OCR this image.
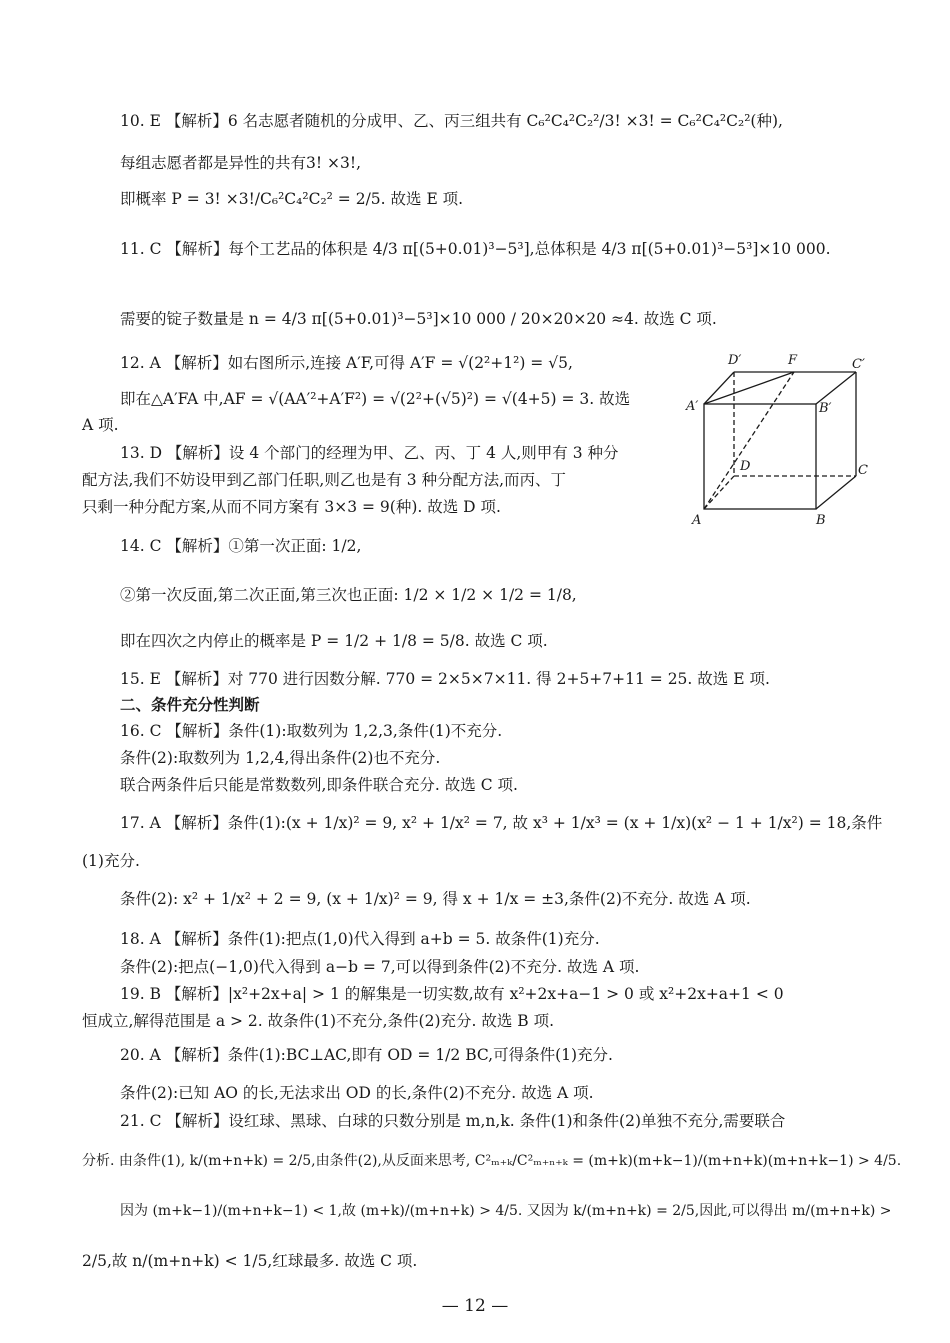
10. E 【解析】6 名志愿者随机的分成甲、乙、丙三组共有 C₆²C₄²C₂²/3! ×3! = C₆²C₄²C₂²(种),
每组志愿者都是异性的共有3! ×3!,
即概率 P = 3! ×3!/C₆²C₄²C₂² = 2/5. 故选 E 项.
11. C 【解析】每个工艺品的体积是 4/3 π[(5+0.01)³−5³],总体积是 4/3 π[(5+0.01)³−5³]×10 000.
需要的锭子数量是 n = 4/3 π[(5+0.01)³−5³]×10 000 / 20×20×20 ≈4. 故选 C 项.
12. A 【解析】如右图所示,连接 A′F,可得 A′F = √(2²+1²) = √5,
即在△A′FA 中,AF = √(AA′²+A′F²) = √(2²+(√5)²) = √(4+5) = 3. 故选
A 项.
13. D 【解析】设 4 个部门的经理为甲、乙、丙、丁 4 人,则甲有 3 种分
配方法,我们不妨设甲到乙部门任职,则乙也是有 3 种分配方法,而丙、丁
只剩一种分配方案,从而不同方案有 3×3 = 9(种). 故选 D 项.
14. C 【解析】①第一次正面: 1/2,
②第一次反面,第二次正面,第三次也正面: 1/2 × 1/2 × 1/2 = 1/8,
即在四次之内停止的概率是 P = 1/2 + 1/8 = 5/8. 故选 C 项.
15. E 【解析】对 770 进行因数分解. 770 = 2×5×7×11. 得 2+5+7+11 = 25. 故选 E 项.
二、条件充分性判断
16. C 【解析】条件(1):取数列为 1,2,3,条件(1)不充分.
条件(2):取数列为 1,2,4,得出条件(2)也不充分.
联合两条件后只能是常数数列,即条件联合充分. 故选 C 项.
17. A 【解析】条件(1):(x + 1/x)² = 9, x² + 1/x² = 7, 故 x³ + 1/x³ = (x + 1/x)(x² − 1 + 1/x²) = 18,条件
(1)充分.
条件(2): x² + 1/x² + 2 = 9, (x + 1/x)² = 9, 得 x + 1/x = ±3,条件(2)不充分. 故选 A 项.
18. A 【解析】条件(1):把点(1,0)代入得到 a+b = 5. 故条件(1)充分.
条件(2):把点(−1,0)代入得到 a−b = 7,可以得到条件(2)不充分. 故选 A 项.
19. B 【解析】|x²+2x+a| > 1 的解集是一切实数,故有 x²+2x+a−1 > 0 或 x²+2x+a+1 < 0
恒成立,解得范围是 a > 2. 故条件(1)不充分,条件(2)充分. 故选 B 项.
20. A 【解析】条件(1):BC⊥AC,即有 OD = 1/2 BC,可得条件(1)充分.
条件(2):已知 AO 的长,无法求出 OD 的长,条件(2)不充分. 故选 A 项.
21. C 【解析】设红球、黑球、白球的只数分别是 m,n,k. 条件(1)和条件(2)单独不充分,需要联合
分析. 由条件(1), k/(m+n+k) = 2/5,由条件(2),从反面来思考, C²ₘ₊ₖ/C²ₘ₊ₙ₊ₖ = (m+k)(m+k−1)/(m+n+k)(m+n+k−1) > 4/5.
因为 (m+k−1)/(m+n+k−1) < 1,故 (m+k)/(m+n+k) > 4/5. 又因为 k/(m+n+k) = 2/5,因此,可以得出 m/(m+n+k) >
2/5,故 n/(m+n+k) < 1/5,红球最多. 故选 C 项.
D′	F	C′
A′	B′
D	C
A	B
— 12 —
